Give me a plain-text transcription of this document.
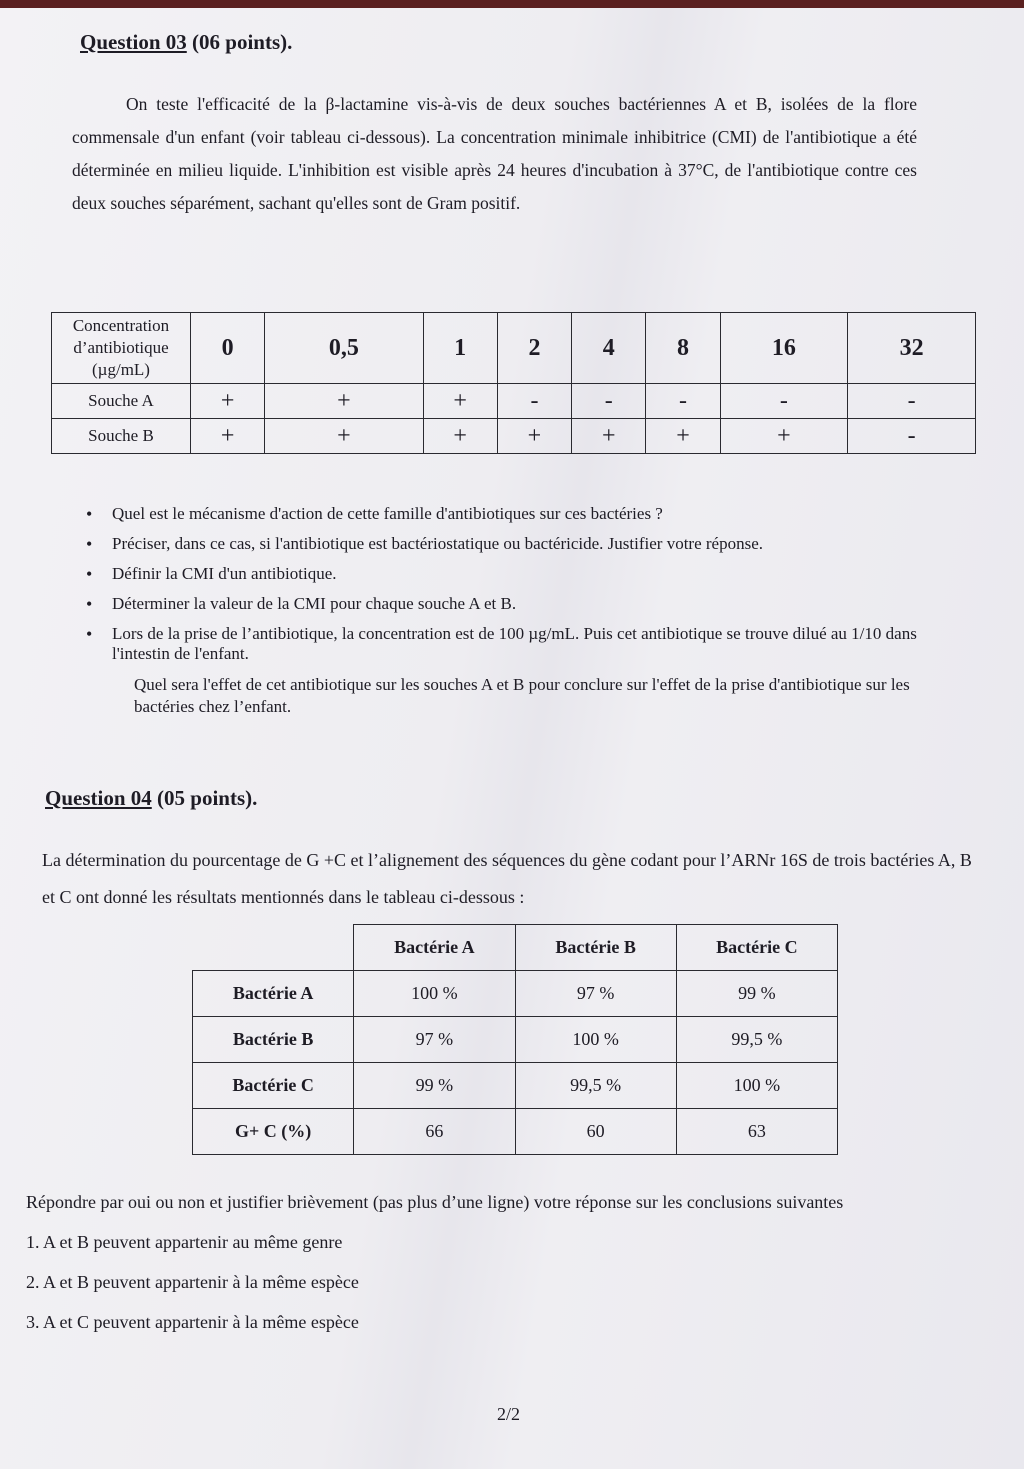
Question 03 (06 points).
On teste l'efficacité de la β-lactamine vis-à-vis de deux souches bactériennes A et B, isolées de la flore commensale d'un enfant (voir tableau ci-dessous). La concentration minimale inhibitrice (CMI) de l'antibiotique a été déterminée en milieu liquide. L'inhibition est visible après 24 heures d'incubation à 37°C, de l'antibiotique contre ces deux souches séparément, sachant qu'elles sont de Gram positif.
Concentration
d’antibiotique
(µg/mL)	0	0,5	1	2	4	8	16	32
Souche A	+	+	+	-	-	-	-	-
Souche B	+	+	+	+	+	+	+	-
• Quel est le mécanisme d'action de cette famille d'antibiotiques sur ces bactéries ?
• Préciser, dans ce cas, si l'antibiotique est bactériostatique ou bactéricide. Justifier votre réponse.
• Définir la CMI d'un antibiotique.
• Déterminer la valeur de la CMI pour chaque souche A et B.
• Lors de la prise de l’antibiotique, la concentration est de 100 µg/mL. Puis cet antibiotique se trouve dilué au 1/10 dans l'intestin de l'enfant.
Quel sera l'effet de cet antibiotique sur les souches A et B pour conclure sur l'effet de la prise d'antibiotique sur les bactéries chez l’enfant.
Question 04 (05 points).
La détermination du pourcentage de G +C et l’alignement des séquences du gène codant pour l’ARNr 16S de trois bactéries A, B et C ont donné les résultats mentionnés dans le tableau ci-dessous :
	Bactérie A	Bactérie B	Bactérie C
Bactérie A	100 %	97 %	99 %
Bactérie B	97 %	100 %	99,5 %
Bactérie C	99 %	99,5 %	100 %
G+ C (%)	66	60	63
Répondre par oui ou non et justifier brièvement (pas plus d’une ligne) votre réponse sur les conclusions suivantes
1. A et B peuvent appartenir au même genre
2. A et B peuvent appartenir à la même espèce
3. A et C peuvent appartenir à la même espèce
2/2
